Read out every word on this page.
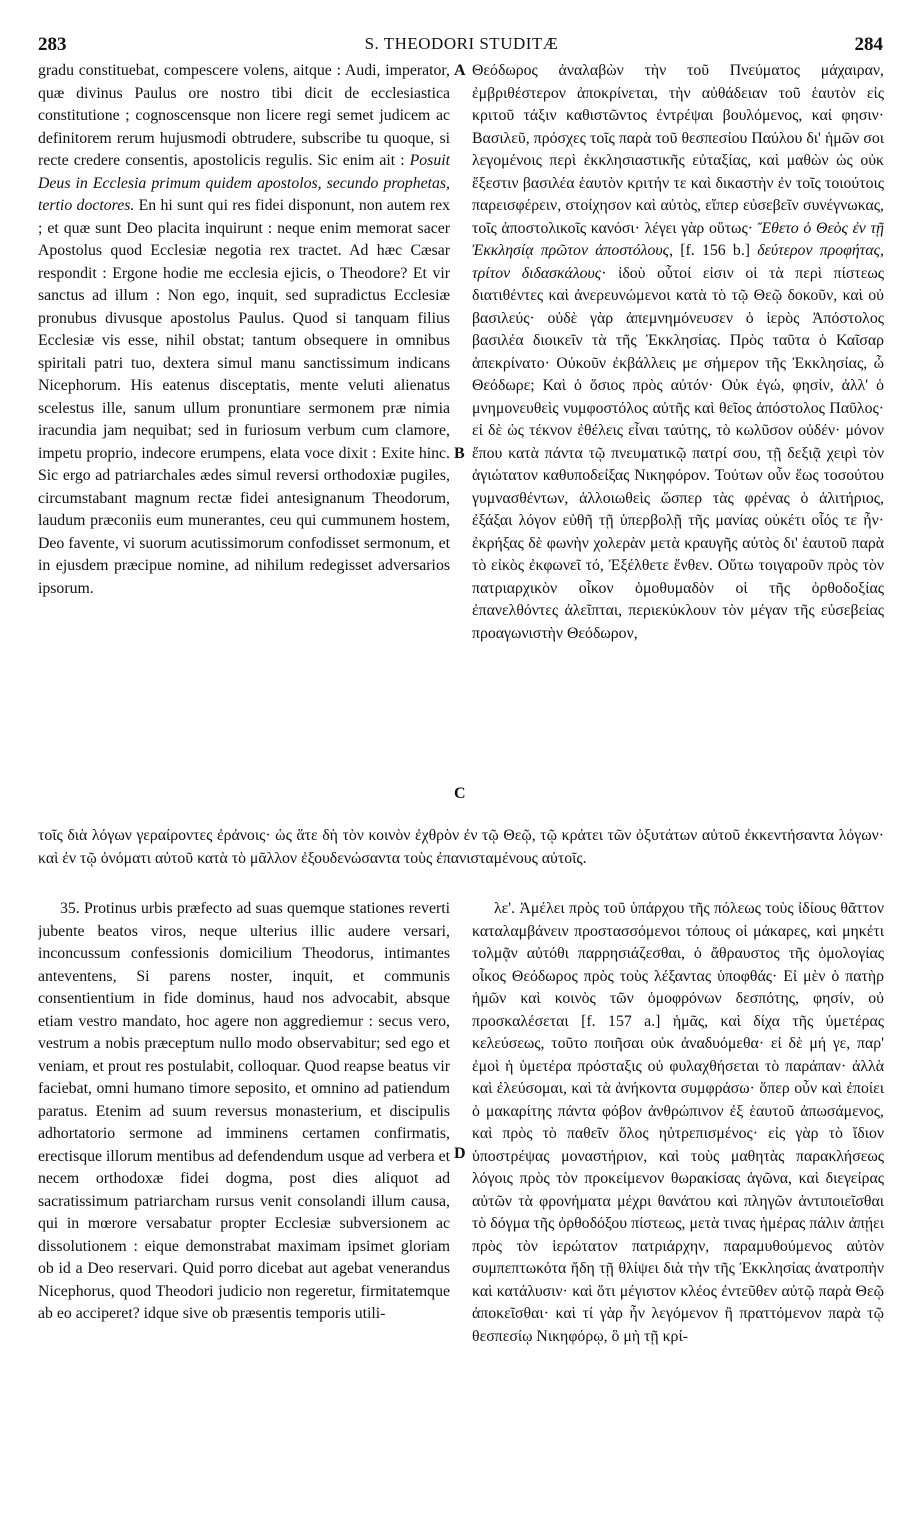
283	S. THEODORI STUDITÆ	284
A
B
C
D

gradu constituebat, compescere volens, aitque : Audi, imperator, quæ divinus Paulus ore nostro tibi dicit de ecclesiastica constitutione ; cognoscensque non licere regi semet judicem ac definitorem rerum hujusmodi obtrudere, subscribe tu quoque, si recte credere consentis, apostolicis regulis. Sic enim ait : Posuit Deus in Ecclesia primum quidem apostolos, secundo prophetas, tertio doctores. En hi sunt qui res fidei disponunt, non autem rex ; et quæ sunt Deo placita inquirunt : neque enim memorat sacer Apostolus quod Ecclesiæ negotia rex tractet. Ad hæc Cæsar respondit : Ergone hodie me ecclesia ejicis, o Theodore? Et vir sanctus ad illum : Non ego, inquit, sed supradictus Ecclesiæ pronubus divusque apostolus Paulus. Quod si tanquam filius Ecclesiæ vis esse, nihil obstat; tantum obsequere in omnibus spiritali patri tuo, dextera simul manu sanctissimum indicans Nicephorum. His eatenus disceptatis, mente veluti alienatus scelestus ille, sanum ullum pronuntiare sermonem præ nimia iracundia jam nequibat; sed in furiosum verbum cum clamore, impetu proprio, indecore erumpens, elata voce dixit : Exite hinc. Sic ergo ad patriarchales ædes simul reversi orthodoxiæ pugiles, circumstabant magnum rectæ fidei antesignanum Theodorum, laudum præconiis eum munerantes, ceu qui cummunem hostem, Deo favente, vi suorum acutissimorum confodisset sermonum, et in ejusdem præcipue nomine, ad nihilum redegisset adversarios ipsorum.

Θεόδωρος ἀναλαβὼν τὴν τοῦ Πνεύματος μάχαιραν, ἐμβριθέστερον ἀποκρίνεται, τὴν αὐθάδειαν τοῦ ἑαυτὸν εἰς κριτοῦ τάξιν καθιστῶντος ἐντρέψαι βουλόμενος, καί φησιν· Βασιλεῦ, πρόσχες τοῖς παρὰ τοῦ θεσπεσίου Παύλου δι' ἡμῶν σοι λεγομένοις περὶ ἐκκλησιαστικῆς εὐταξίας, καὶ μαθὼν ὡς οὐκ ἔξεστιν βασιλέα ἑαυτὸν κριτήν τε καὶ δικαστὴν ἐν τοῖς τοιούτοις παρεισφέρειν, στοίχησον καὶ αὐτὸς, εἴπερ εὐσεβεῖν συνέγνωκας, τοῖς ἀποστολικοῖς κανόσι· λέγει γὰρ οὕτως· Ἔθετο ὁ Θεὸς ἐν τῇ Ἐκκλησίᾳ πρῶτον ἀποστόλους, [f. 156 b.] δεύτερον προφήτας, τρίτον διδασκάλους· ἰδοὺ οὗτοί εἰσιν οἱ τὰ περὶ πίστεως διατιθέντες καὶ ἀνερευνώμενοι κατὰ τὸ τῷ Θεῷ δοκοῦν, καὶ οὐ βασιλεύς· οὐδὲ γὰρ ἀπεμνημόνευσεν ὁ ἱερὸς Ἀπόστολος βασιλέα διοικεῖν τὰ τῆς Ἐκκλησίας. Πρὸς ταῦτα ὁ Καῖσαρ ἀπεκρίνατο· Οὐκοῦν ἐκβάλλεις με σήμερον τῆς Ἐκκλησίας, ὦ Θεόδωρε; Καὶ ὁ ὅσιος πρὸς αὐτόν· Οὐκ ἐγώ, φησίν, ἀλλ' ὁ μνημονευθεὶς νυμφοστόλος αὐτῆς καὶ θεῖος ἀπόστολος Παῦλος· εἰ δὲ ὡς τέκνον ἐθέλεις εἶναι ταύτης, τὸ κωλῦσον οὐδέν· μόνον ἕπου κατὰ πάντα τῷ πνευματικῷ πατρί σου, τῇ δεξιᾷ χειρὶ τὸν ἁγιώτατον καθυποδείξας Νικηφόρον. Τούτων οὖν ἕως τοσούτου γυμνασθέντων, ἀλλοιωθεὶς ὥσπερ τὰς φρένας ὁ ἀλιτήριος, ἐξάξαι λόγον εὐθῆ τῇ ὑπερβολῇ τῆς μανίας οὐκέτι οἷός τε ἦν· ἐκρήξας δὲ φωνὴν χολερὰν μετὰ κραυγῆς αὐτὸς δι' ἑαυτοῦ παρὰ τὸ εἰκὸς ἐκφωνεῖ τό, Ἐξέλθετε ἔνθεν. Οὕτω τοιγαροῦν πρὸς τὸν πατριαρχικὸν οἶκον ὁμοθυμαδὸν οἱ τῆς ὀρθοδοξίας ἐπανελθόντες ἀλεῖπται, περιεκύκλουν τὸν μέγαν τῆς εὐσεβείας προαγωνιστὴν Θεόδωρον,

τοῖς διὰ λόγων γεραίροντες ἐράνοις· ὡς ἅτε δὴ τὸν κοινὸν ἐχθρὸν ἐν τῷ Θεῷ, τῷ κράτει τῶν ὀξυτάτων αὐτοῦ ἐκκεντήσαντα λόγων· καὶ ἐν τῷ ὀνόματι αὐτοῦ κατὰ τὸ μᾶλλον ἐξουδενώσαντα τοὺς ἐπανισταμένους αὐτοῖς.

35. Protinus urbis præfecto ad suas quemque stationes reverti jubente beatos viros, neque ulterius illic audere versari, inconcussum confessionis domicilium Theodorus, intimantes anteventens, Si parens noster, inquit, et communis consentientium in fide dominus, haud nos advocabit, absque etiam vestro mandato, hoc agere non aggrediemur : secus vero, vestrum a nobis præceptum nullo modo observabitur; sed ego et veniam, et prout res postulabit, colloquar. Quod reapse beatus vir faciebat, omni humano timore seposito, et omnino ad patiendum paratus. Etenim ad suum reversus monasterium, et discipulis adhortatorio sermone ad imminens certamen confirmatis, erectisque illorum mentibus ad defendendum usque ad verbera et necem orthodoxæ fidei dogma, post dies aliquot ad sacratissimum patriarcham rursus venit consolandi illum causa, qui in mœrore versabatur propter Ecclesiæ subversionem ac dissolutionem : eique demonstrabat maximam ipsimet gloriam ob id a Deo reservari. Quid porro dicebat aut agebat venerandus Nicephorus, quod Theodori judicio non regeretur, firmitatemque ab eo acciperet? idque sive ob præsentis temporis utili-

λε'. Ἀμέλει πρὸς τοῦ ὑπάρχου τῆς πόλεως τοὺς ἰδίους θᾶττον καταλαμβάνειν προστασσόμενοι τόπους οἱ μάκαρες, καὶ μηκέτι τολμᾷν αὐτόθι παρρησιάζεσθαι, ὁ ἄθραυστος τῆς ὁμολογίας οἶκος Θεόδωρος πρὸς τοὺς λέξαντας ὑποφθάς· Εἰ μὲν ὁ πατὴρ ἡμῶν καὶ κοινὸς τῶν ὁμοφρόνων δεσπότης, φησίν, οὐ προσκαλέσεται [f. 157 a.] ἡμᾶς, καὶ δίχα τῆς ὑμετέρας κελεύσεως, τοῦτο ποιῆσαι οὐκ ἀναδυόμεθα· εἰ δὲ μή γε, παρ' ἐμοὶ ἡ ὑμετέρα πρόσταξις οὐ φυλαχθήσεται τὸ παράπαν· ἀλλὰ καὶ ἐλεύσομαι, καὶ τὰ ἀνήκοντα συμφράσω· ὅπερ οὖν καὶ ἐποίει ὁ μακαρίτης πάντα φόβον ἀνθρώπινον ἐξ ἑαυτοῦ ἀπωσάμενος, καὶ πρὸς τὸ παθεῖν ὅλος ηὐτρεπισμένος· εἰς γὰρ τὸ ἴδιον ὑποστρέψας μοναστήριον, καὶ τοὺς μαθητὰς παρακλήσεως λόγοις πρὸς τὸν προκείμενον θωρακίσας ἀγῶνα, καὶ διεγείρας αὐτῶν τὰ φρονήματα μέχρι θανάτου καὶ πληγῶν ἀντιποιεῖσθαι τὸ δόγμα τῆς ὀρθοδόξου πίστεως, μετὰ τινας ἡμέρας πάλιν ἀπῄει πρὸς τὸν ἱερώτατον πατριάρχην, παραμυθούμενος αὐτὸν συμπεπτωκότα ἤδη τῇ θλίψει διὰ τὴν τῆς Ἐκκλησίας ἀνατροπὴν καὶ κατάλυσιν· καὶ ὅτι μέγιστον κλέος ἐντεῦθεν αὐτῷ παρὰ Θεῷ ἀποκεῖσθαι· καὶ τί γὰρ ἦν λεγόμενον ἢ πραττόμενον παρὰ τῷ θεσπεσίῳ Νικηφόρῳ, ὃ μὴ τῇ κρί-
